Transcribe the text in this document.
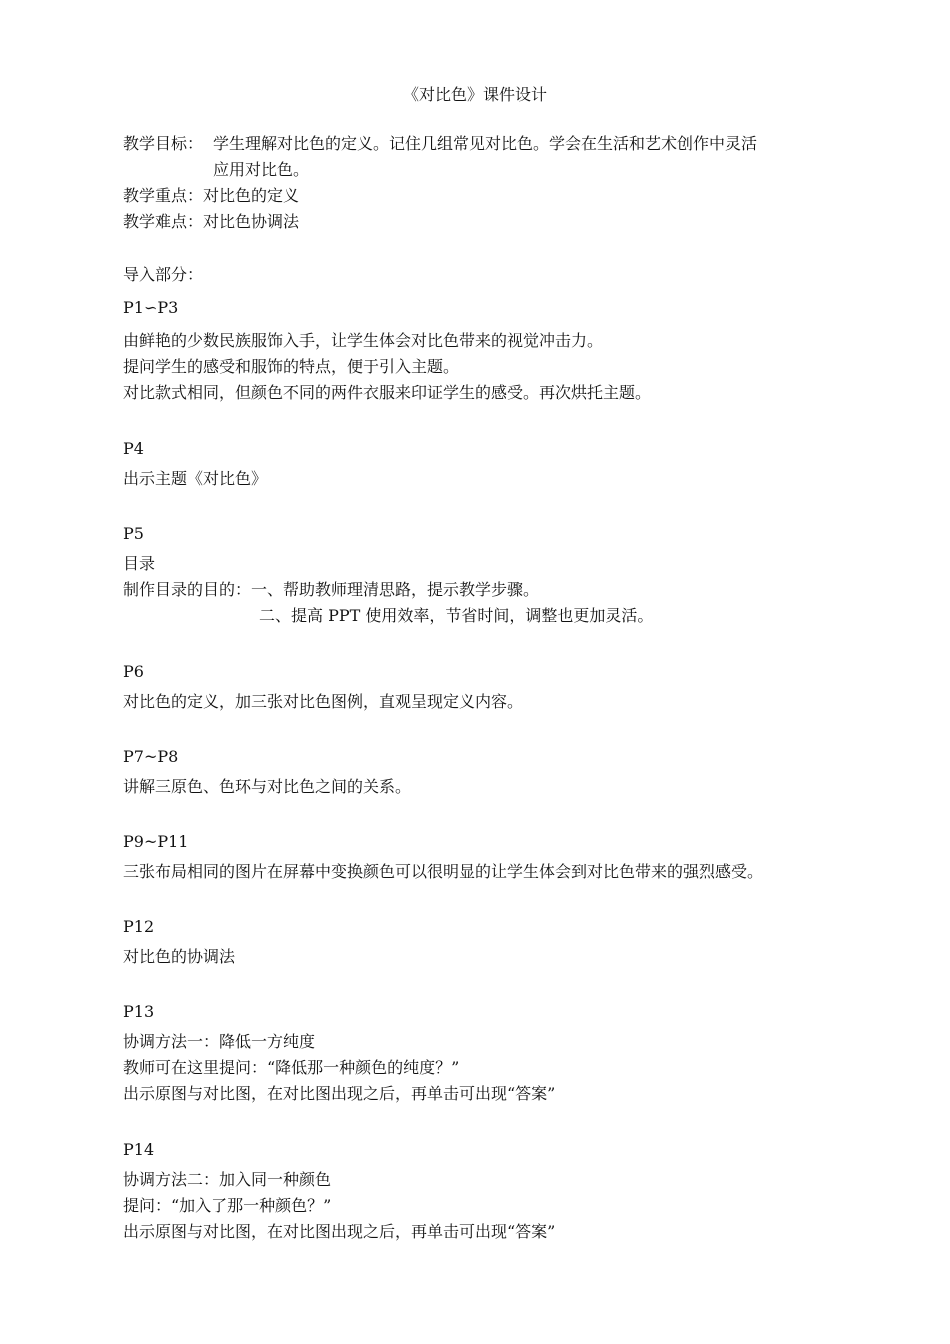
《对比色》课件设计
教学目标： 学生理解对比色的定义。记住几组常见对比色。学会在生活和艺术创作中灵活
应用对比色。
教学重点：对比色的定义
教学难点：对比色协调法
导入部分：
P1∽P3
由鲜艳的少数民族服饰入手，让学生体会对比色带来的视觉冲击力。
提问学生的感受和服饰的特点，便于引入主题。
对比款式相同，但颜色不同的两件衣服来印证学生的感受。再次烘托主题。
P4
出示主题《对比色》
P5
目录
制作目录的目的：一、帮助教师理清思路，提示教学步骤。
二、提高 PPT 使用效率，节省时间，调整也更加灵活。
P6
对比色的定义，加三张对比色图例，直观呈现定义内容。
P7~P8
讲解三原色、色环与对比色之间的关系。
P9~P11
三张布局相同的图片在屏幕中变换颜色可以很明显的让学生体会到对比色带来的强烈感受。
P12
对比色的协调法
P13
协调方法一：降低一方纯度
教师可在这里提问：“降低那一种颜色的纯度？”
出示原图与对比图，在对比图出现之后，再单击可出现“答案”
P14
协调方法二：加入同一种颜色
提问：“加入了那一种颜色？”
出示原图与对比图，在对比图出现之后，再单击可出现“答案”
